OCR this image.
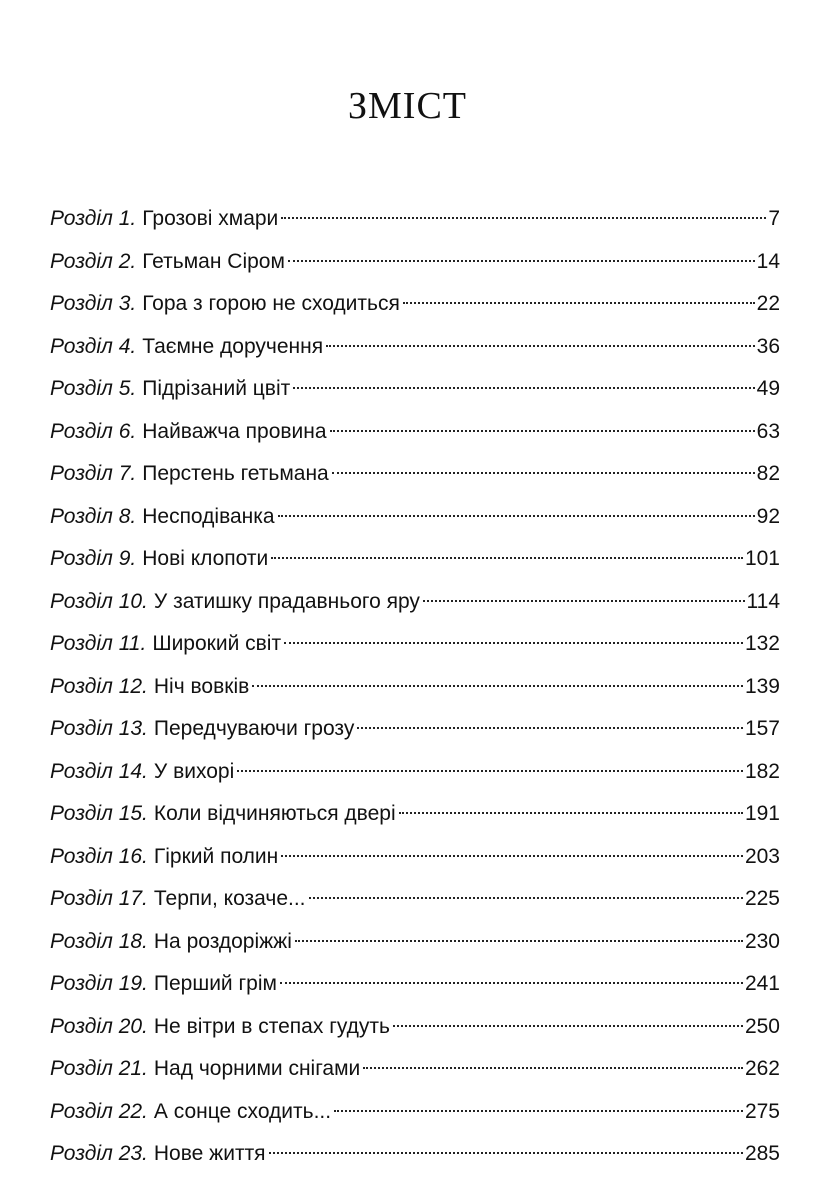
ЗМІСТ
Розділ 1. Грозові хмари	7
Розділ 2. Гетьман Сіром	14
Розділ 3. Гора з горою не сходиться	22
Розділ 4. Таємне доручення	36
Розділ 5. Підрізаний цвіт	49
Розділ 6. Найважча провина	63
Розділ 7. Перстень гетьмана	82
Розділ 8. Несподіванка	92
Розділ 9. Нові клопоти	101
Розділ 10. У затишку прадавнього яру	114
Розділ 11. Широкий світ	132
Розділ 12. Ніч вовків	139
Розділ 13. Передчуваючи грозу	157
Розділ 14. У вихорі	182
Розділ 15. Коли відчиняються двері	191
Розділ 16. Гіркий полин	203
Розділ 17. Терпи, козаче...	225
Розділ 18. На роздоріжжі	230
Розділ 19. Перший грім	241
Розділ 20. Не вітри в степах гудуть	250
Розділ 21. Над чорними снігами	262
Розділ 22. А сонце сходить...	275
Розділ 23. Нове життя	285
